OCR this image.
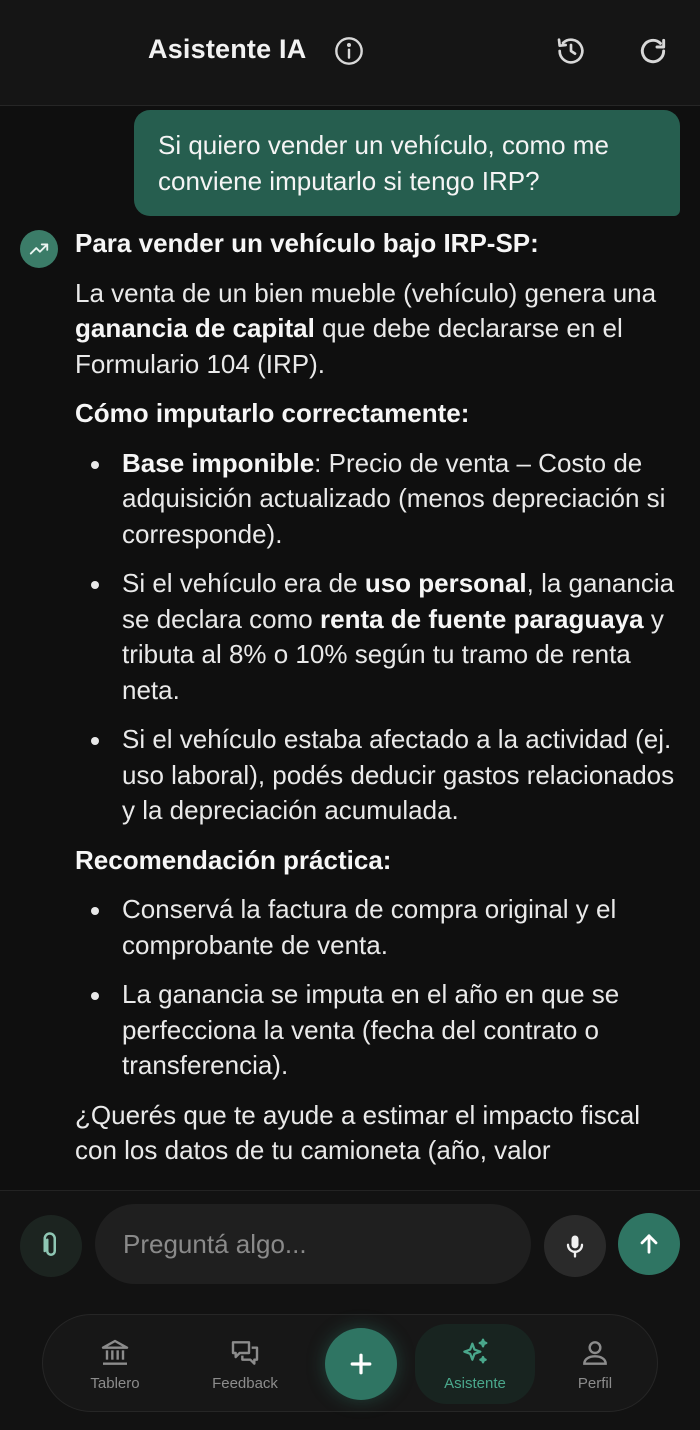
Asistente IA
Si quiero vender un vehículo, como me conviene imputarlo si tengo IRP?

Para vender un vehículo bajo IRP-SP:

La venta de un bien mueble (vehículo) genera una ganancia de capital que debe declararse en el Formulario 104 (IRP).

Cómo imputarlo correctamente:

Base imponible: Precio de venta – Costo de adquisición actualizado (menos depreciación si corresponde).
Si el vehículo era de uso personal, la ganancia se declara como renta de fuente paraguaya y tributa al 8% o 10% según tu tramo de renta neta.
Si el vehículo estaba afectado a la actividad (ej. uso laboral), podés deducir gastos relacionados y la depreciación acumulada.

Recomendación práctica:

Conservá la factura de compra original y el comprobante de venta.
La ganancia se imputa en el año en que se perfecciona la venta (fecha del contrato o transferencia).

¿Querés que te ayude a estimar el impacto fiscal con los datos de tu camioneta (año, valor

Preguntá algo...
Tablero	Feedback	Asistente	Perfil
